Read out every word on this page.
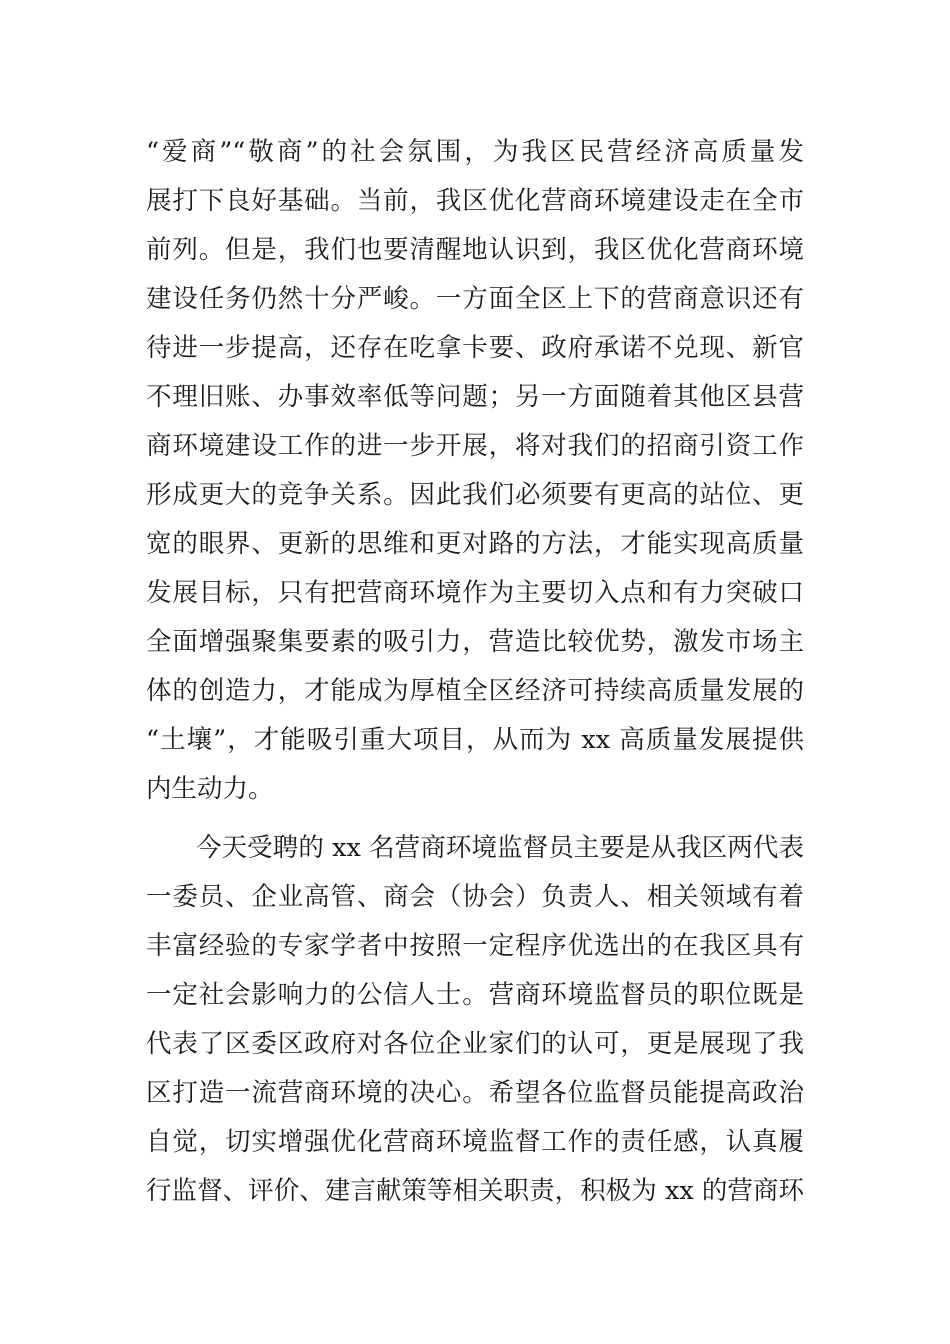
“爱商”“敬商”的社会氛围，为我区民营经济高质量发
展打下良好基础。当前，我区优化营商环境建设走在全市
前列。但是，我们也要清醒地认识到，我区优化营商环境
建设任务仍然十分严峻。一方面全区上下的营商意识还有
待进一步提高，还存在吃拿卡要、政府承诺不兑现、新官
不理旧账、办事效率低等问题；另一方面随着其他区县营
商环境建设工作的进一步开展，将对我们的招商引资工作
形成更大的竞争关系。因此我们必须要有更高的站位、更
宽的眼界、更新的思维和更对路的方法，才能实现高质量
发展目标，只有把营商环境作为主要切入点和有力突破口
全面增强聚集要素的吸引力，营造比较优势，激发市场主
体的创造力，才能成为厚植全区经济可持续高质量发展的
“土壤”，才能吸引重大项目，从而为 xx 高质量发展提供
内生动力。
今天受聘的 xx 名营商环境监督员主要是从我区两代表
一委员、企业高管、商会（协会）负责人、相关领域有着
丰富经验的专家学者中按照一定程序优选出的在我区具有
一定社会影响力的公信人士。营商环境监督员的职位既是
代表了区委区政府对各位企业家们的认可，更是展现了我
区打造一流营商环境的决心。希望各位监督员能提高政治
自觉，切实增强优化营商环境监督工作的责任感，认真履
行监督、评价、建言献策等相关职责，积极为 xx 的营商环
